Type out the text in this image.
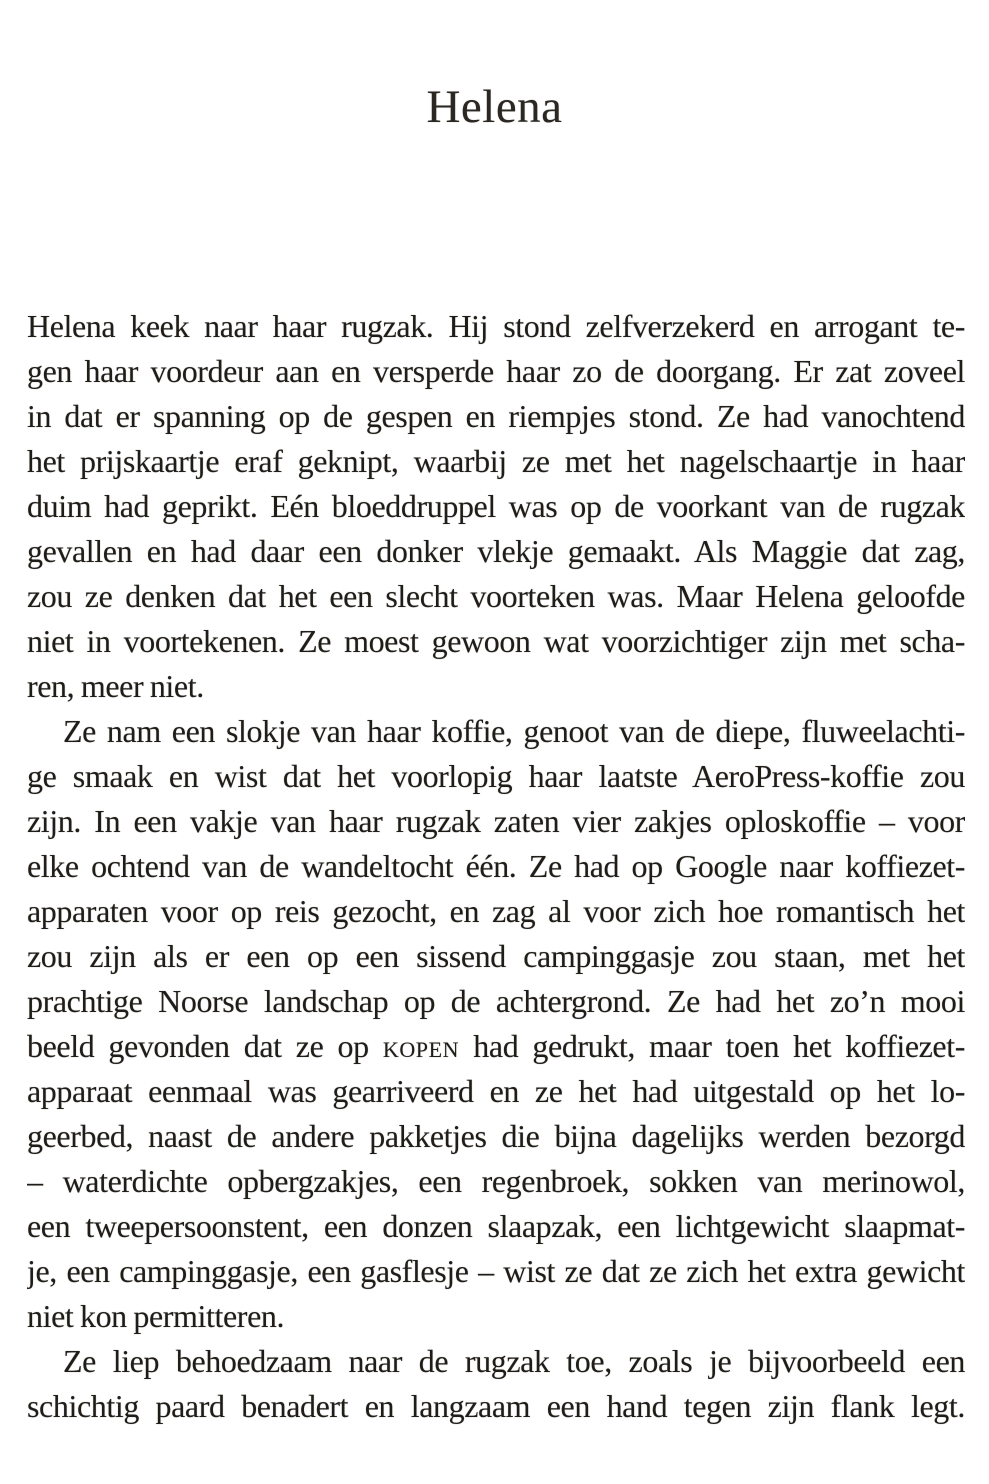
Helena
Helena keek naar haar rugzak. Hij stond zelfverzekerd en arrogant te-
gen haar voordeur aan en versperde haar zo de doorgang. Er zat zoveel
in dat er spanning op de gespen en riempjes stond. Ze had vanochtend
het prijskaartje eraf geknipt, waarbij ze met het nagelschaartje in haar
duim had geprikt. Eén bloeddruppel was op de voorkant van de rugzak
gevallen en had daar een donker vlekje gemaakt. Als Maggie dat zag,
zou ze denken dat het een slecht voorteken was. Maar Helena geloofde
niet in voortekenen. Ze moest gewoon wat voorzichtiger zijn met scha-
ren, meer niet.
Ze nam een slokje van haar koffie, genoot van de diepe, fluweelachti-
ge smaak en wist dat het voorlopig haar laatste AeroPress-koffie zou
zijn. In een vakje van haar rugzak zaten vier zakjes oploskoffie – voor
elke ochtend van de wandeltocht één. Ze had op Google naar koffiezet-
apparaten voor op reis gezocht, en zag al voor zich hoe romantisch het
zou zijn als er een op een sissend campinggasje zou staan, met het
prachtige Noorse landschap op de achtergrond. Ze had het zo’n mooi
beeld gevonden dat ze op kopen had gedrukt, maar toen het koffiezet-
apparaat eenmaal was gearriveerd en ze het had uitgestald op het lo-
geerbed, naast de andere pakketjes die bijna dagelijks werden bezorgd
– waterdichte opbergzakjes, een regenbroek, sokken van merinowol,
een tweepersoonstent, een donzen slaapzak, een lichtgewicht slaapmat-
je, een campinggasje, een gasflesje – wist ze dat ze zich het extra gewicht
niet kon permitteren.
Ze liep behoedzaam naar de rugzak toe, zoals je bijvoorbeeld een
schichtig paard benadert en langzaam een hand tegen zijn flank legt.
